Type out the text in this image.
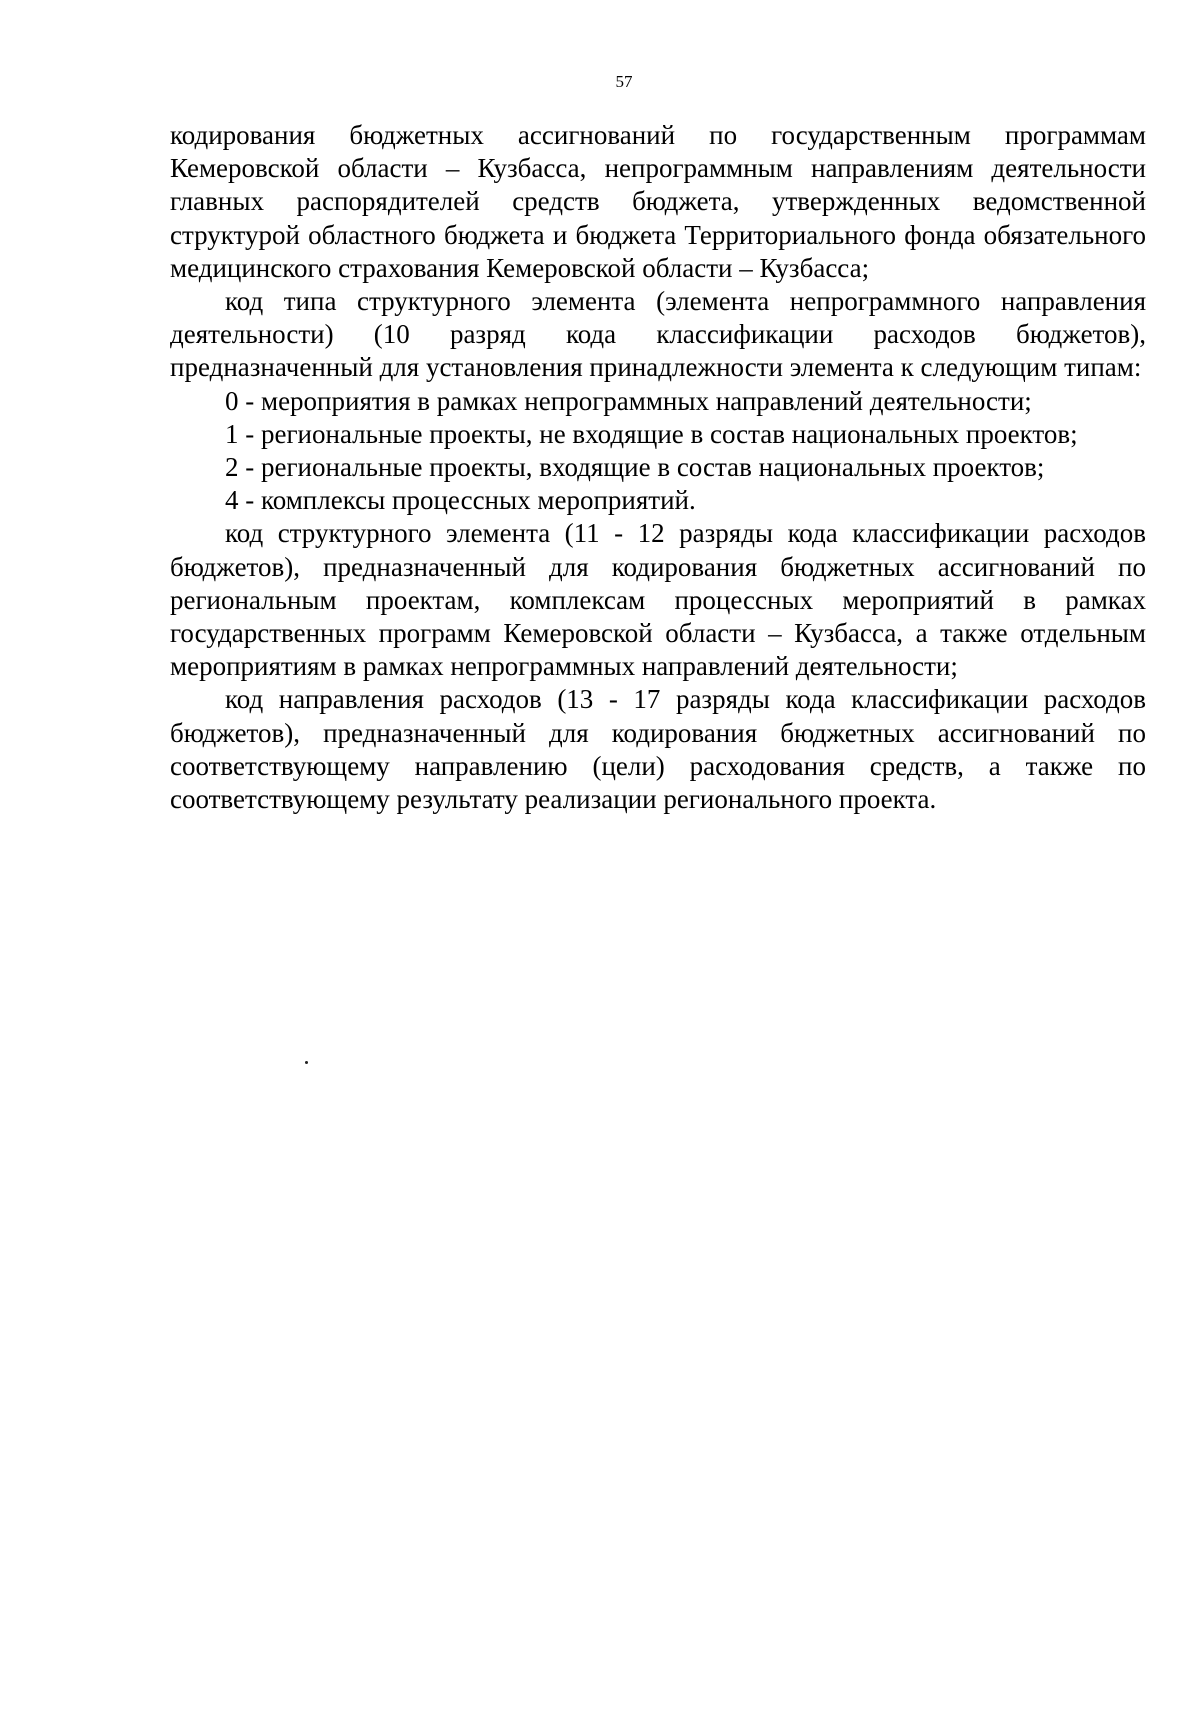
57

кодирования бюджетных ассигнований по государственным программам Кемеровской области – Кузбасса, непрограммным направлениям деятельности главных распорядителей средств бюджета, утвержденных ведомственной структурой областного бюджета и бюджета Территориального фонда обязательного медицинского страхования Кемеровской области – Кузбасса;

код типа структурного элемента (элемента непрограммного направления деятельности) (10 разряд кода классификации расходов бюджетов), предназначенный для установления принадлежности элемента к следующим типам:

0 - мероприятия в рамках непрограммных направлений деятельности;

1 - региональные проекты, не входящие в состав национальных проектов;

2 - региональные проекты, входящие в состав национальных проектов;

4 - комплексы процессных мероприятий.

код структурного элемента (11 - 12 разряды кода классификации расходов бюджетов), предназначенный для кодирования бюджетных ассигнований по региональным проектам, комплексам процессных мероприятий в рамках государственных программ Кемеровской области – Кузбасса, а также отдельным мероприятиям в рамках непрограммных направлений деятельности;

код направления расходов (13 - 17 разряды кода классификации расходов бюджетов), предназначенный для кодирования бюджетных ассигнований по соответствующему направлению (цели) расходования средств, а также по соответствующему результату реализации регионального проекта.
